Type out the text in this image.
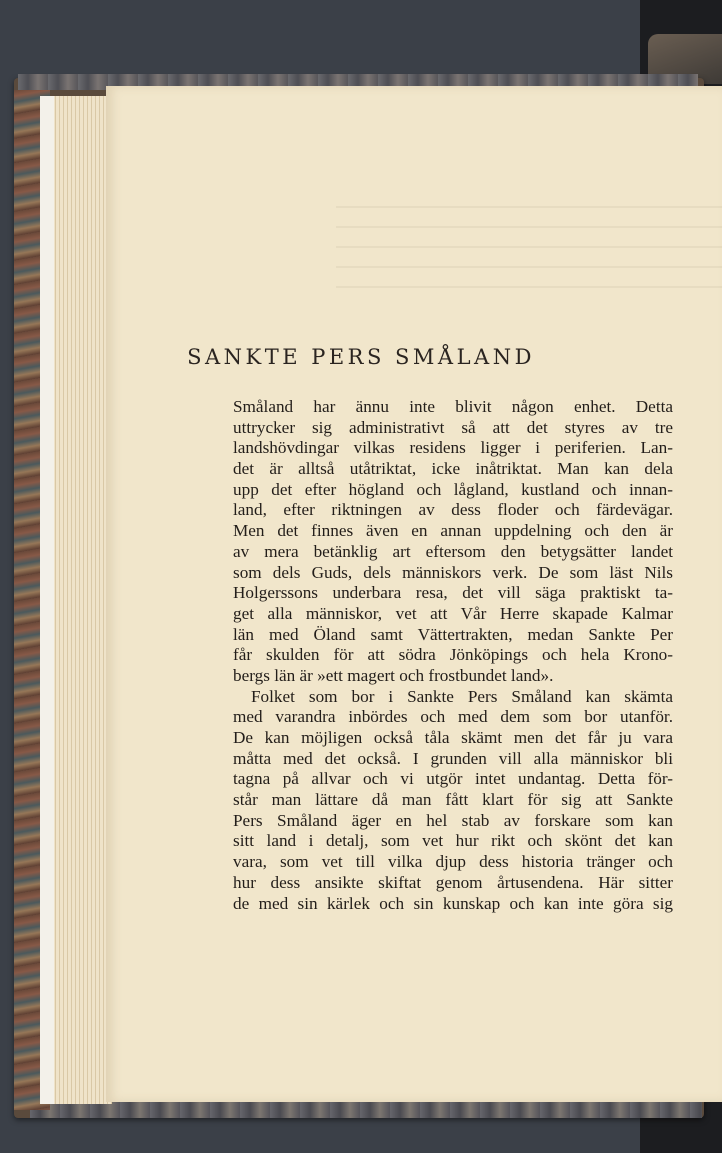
SANKTE PERS SMÅLAND
Småland har ännu inte blivit någon enhet. Detta
uttrycker sig administrativt så att det styres av tre
landshövdingar vilkas residens ligger i periferien. Lan-
det är alltså utåtriktat, icke inåtriktat. Man kan dela
upp det efter högland och lågland, kustland och innan-
land, efter riktningen av dess floder och färdevägar.
Men det finnes även en annan uppdelning och den är
av mera betänklig art eftersom den betygsätter landet
som dels Guds, dels människors verk. De som läst Nils
Holgerssons underbara resa, det vill säga praktiskt ta-
get alla människor, vet att Vår Herre skapade Kalmar
län med Öland samt Vättertrakten, medan Sankte Per
får skulden för att södra Jönköpings och hela Krono-
bergs län är »ett magert och frostbundet land».
Folket som bor i Sankte Pers Småland kan skämta
med varandra inbördes och med dem som bor utanför.
De kan möjligen också tåla skämt men det får ju vara
måtta med det också. I grunden vill alla människor bli
tagna på allvar och vi utgör intet undantag. Detta för-
står man lättare då man fått klart för sig att Sankte
Pers Småland äger en hel stab av forskare som kan
sitt land i detalj, som vet hur rikt och skönt det kan
vara, som vet till vilka djup dess historia tränger och
hur dess ansikte skiftat genom årtusendena. Här sitter
de med sin kärlek och sin kunskap och kan inte göra sig
